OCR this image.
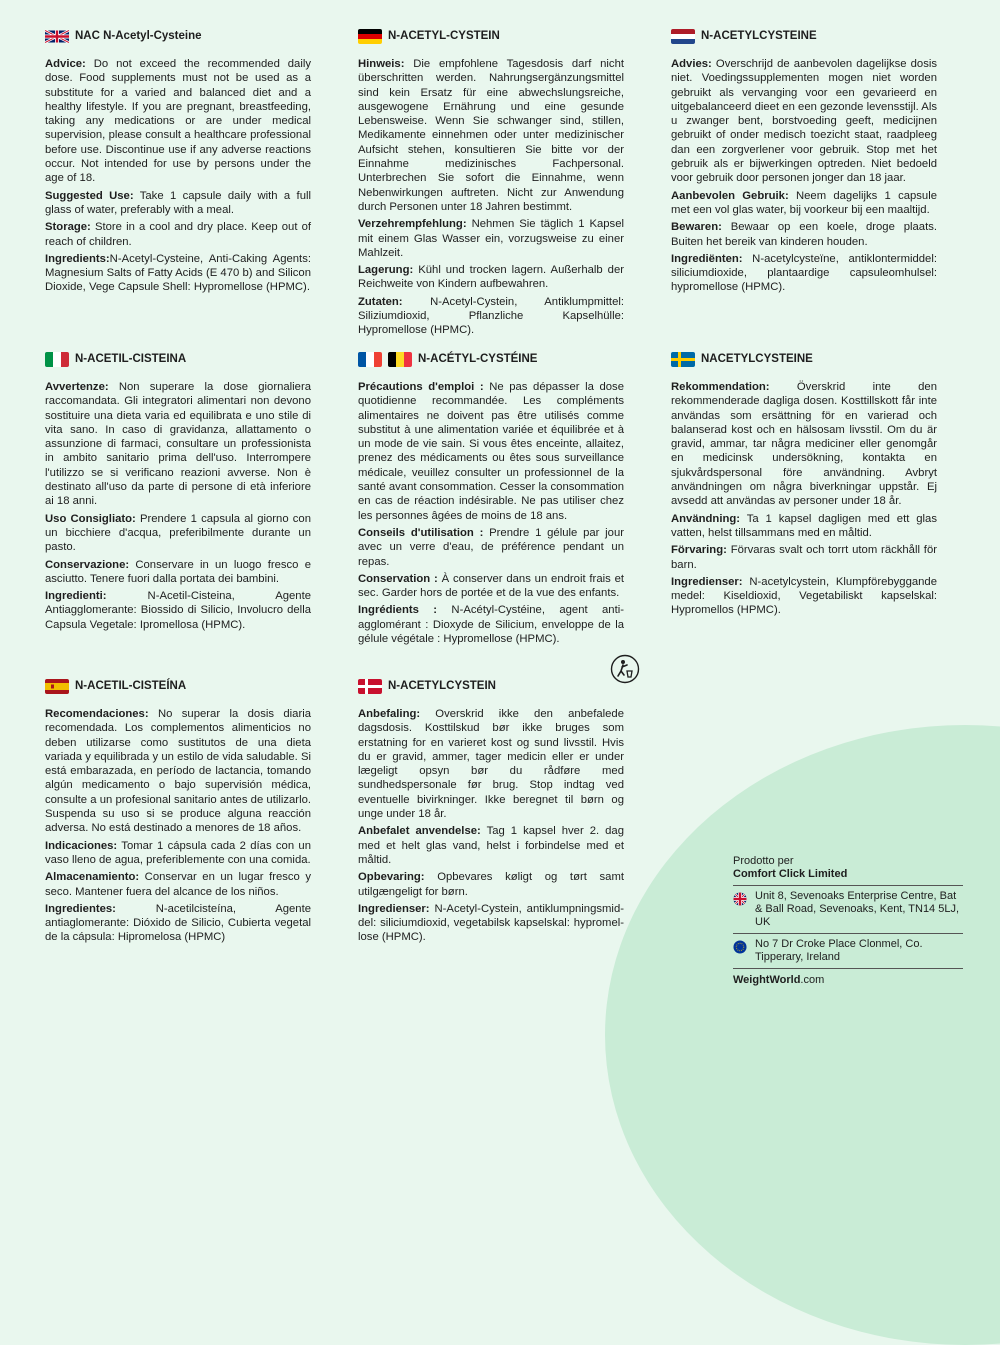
NAC N-Acetyl-Cysteine

Advice: Do not exceed the recommended daily dose. Food supplements must not be used as a substitute for a varied and balanced diet and a healthy lifestyle. If you are pregnant, breastfeeding, taking any medications or are under medical supervision, please consult a healthcare professional before use. Discontinue use if any adverse reactions occur. Not intended for use by persons under the age of 18.

Suggested Use: Take 1 capsule daily with a full glass of water, preferably with a meal.

Storage: Store in a cool and dry place. Keep out of reach of children.

Ingredients:N-Acetyl-Cysteine, Anti-Caking Agents: Magnesium Salts of Fatty Acids (E 470 b) and Silicon Dioxide, Vege Capsule Shell: Hypromellose (HPMC).

N-ACETYL-CYSTEIN

Hinweis: Die empfohlene Tagesdosis darf nicht überschritten werden. Nahrungsergänzungsmittel sind kein Ersatz für eine abwechslungsreiche, ausgewogene Ernährung und eine gesunde Lebensweise. Wenn Sie schwanger sind, stillen, Medikamente einnehmen oder unter medizinischer Aufsicht stehen, konsultieren Sie bitte vor der Einnahme medizinisches Fachpersonal. Unterbrechen Sie sofort die Einnahme, wenn Nebenwirkungen auftreten. Nicht zur Anwendung durch Personen unter 18 Jahren bestimmt.

Verzehrempfehlung: Nehmen Sie täglich 1 Kapsel mit einem Glas Wasser ein, vorzugsweise zu einer Mahlzeit.

Lagerung: Kühl und trocken lagern. Außerhalb der Reichweite von Kindern aufbewahren.

Zutaten: N-Acetyl-Cystein, Antiklumpmittel: Siliziumdioxid, Pflanzliche Kapselhülle: Hypromellose (HPMC).

N-ACETYLCYSTEINE

Advies: Overschrijd de aanbevolen dagelijkse dosis niet. Voedingssupplementen mogen niet worden gebruikt als vervanging voor een gevarieerd en uitgebalanceerd dieet en een gezonde levensstijl. Als u zwanger bent, borstvoeding geeft, medicijnen gebruikt of onder medisch toezicht staat, raadpleeg dan een zorgverlener voor gebruik. Stop met het gebruik als er bijwerkingen optreden. Niet bedoeld voor gebruik door personen jonger dan 18 jaar.

Aanbevolen Gebruik: Neem dagelijks 1 capsule met een vol glas water, bij voorkeur bij een maaltijd.

Bewaren: Bewaar op een koele, droge plaats. Buiten het bereik van kinderen houden.

Ingrediënten: N-acetylcysteïne, antiklontermiddel: siliciumdioxide, plantaardige capsuleomhulsel: hypromellose (HPMC).

N-ACETIL-CISTEINA

Avvertenze: Non superare la dose giornaliera raccomandata. Gli integratori alimentari non devono sostituire una dieta varia ed equilibrata e uno stile di vita sano. In caso di gravidanza, allattamento o assunzione di farmaci, consultare un professionista in ambito sanitario prima dell'uso. Interrompere l'utilizzo se si verificano reazioni avverse. Non è destinato all'uso da parte di persone di età inferiore ai 18 anni.

Uso Consigliato: Prendere 1 capsula al giorno con un bicchiere d'acqua, preferibilmente durante un pasto.

Conservazione: Conservare in un luogo fresco e asciutto. Tenere fuori dalla portata dei bambini.

Ingredienti: N-Acetil-Cisteina, Agente Antiagglomerante: Biossido di Silicio, Involucro della Capsula Vegetale: Ipromellosa (HPMC).

N-ACÉTYL-CYSTÉINE

Précautions d'emploi : Ne pas dépasser la dose quotidienne recommandée. Les compléments alimentaires ne doivent pas être utilisés comme substitut à une alimentation variée et équilibrée et à un mode de vie sain. Si vous êtes enceinte, allaitez, prenez des médicaments ou êtes sous surveillance médicale, veuillez consulter un professionnel de la santé avant consommation. Cesser la consommation en cas de réaction indésirable. Ne pas utiliser chez les personnes âgées de moins de 18 ans.

Conseils d'utilisation : Prendre 1 gélule par jour avec un verre d'eau, de préférence pendant un repas.

Conservation : À conserver dans un endroit frais et sec. Garder hors de portée et de la vue des enfants.

Ingrédients : N-Acétyl-Cystéine, agent anti-agglomérant : Dioxyde de Silicium, enveloppe de la gélule végétale : Hypromellose (HPMC).

NACETYLCYSTEINE

Rekommendation: Överskrid inte den rekommenderade dagliga dosen. Kosttillskott får inte användas som ersättning för en varierad och balanserad kost och en hälsosam livsstil. Om du är gravid, ammar, tar några mediciner eller genomgår en medicinsk undersökning, kontakta en sjukvårdspersonal före användning. Avbryt användningen om några biverkningar uppstår. Ej avsedd att användas av personer under 18 år.

Användning: Ta 1 kapsel dagligen med ett glas vatten, helst tillsammans med en måltid.

Förvaring: Förvaras svalt och torrt utom räckhåll för barn.

Ingredienser: N-acetylcystein, Klumpförebyggande medel: Kiseldioxid, Vegetabiliskt kapselskal: Hypromellos (HPMC).

N-ACETIL-CISTEÍNA

Recomendaciones: No superar la dosis diaria recomendada. Los complementos alimenticios no deben utilizarse como sustitutos de una dieta variada y equilibrada y un estilo de vida saludable. Si está embarazada, en período de lactancia, tomando algún medicamento o bajo supervisión médica, consulte a un profesional sanitario antes de utilizarlo. Suspenda su uso si se produce alguna reacción adversa. No está destinado a menores de 18 años.

Indicaciones: Tomar 1 cápsula cada 2 días con un vaso lleno de agua, preferiblemente con una comida.

Almacenamiento: Conservar en un lugar fresco y seco. Mantener fuera del alcance de los niños.

Ingredientes: N-acetilcisteína, Agente antiaglomerante: Dióxido de Silicio, Cubierta vegetal de la cápsula: Hipromelosa (HPMC)

N-ACETYLCYSTEIN

Anbefaling: Overskrid ikke den anbefalede dagsdosis. Kosttilskud bør ikke bruges som erstatning for en varieret kost og sund livsstil. Hvis du er gravid, ammer, tager medicin eller er under lægeligt opsyn bør du rådføre med sundhedspersonale før brug. Stop indtag ved eventuelle bivirkninger. Ikke beregnet til børn og unge under 18 år.

Anbefalet anvendelse: Tag 1 kapsel hver 2. dag med et helt glas vand, helst i forbindelse med et måltid.

Opbevaring: Opbevares køligt og tørt samt utilgængeligt for børn.

Ingredienser: N-Acetyl-Cystein, antiklumpningsmid-del: siliciumdioxid, vegetabilsk kapselskal: hypromel-lose (HPMC).

Prodotto per
Comfort Click Limited
Unit 8, Sevenoaks Enterprise Centre, Bat & Ball Road, Sevenoaks, Kent, TN14 5LJ, UK
No 7 Dr Croke Place Clonmel, Co. Tipperary, Ireland
WeightWorld.com
